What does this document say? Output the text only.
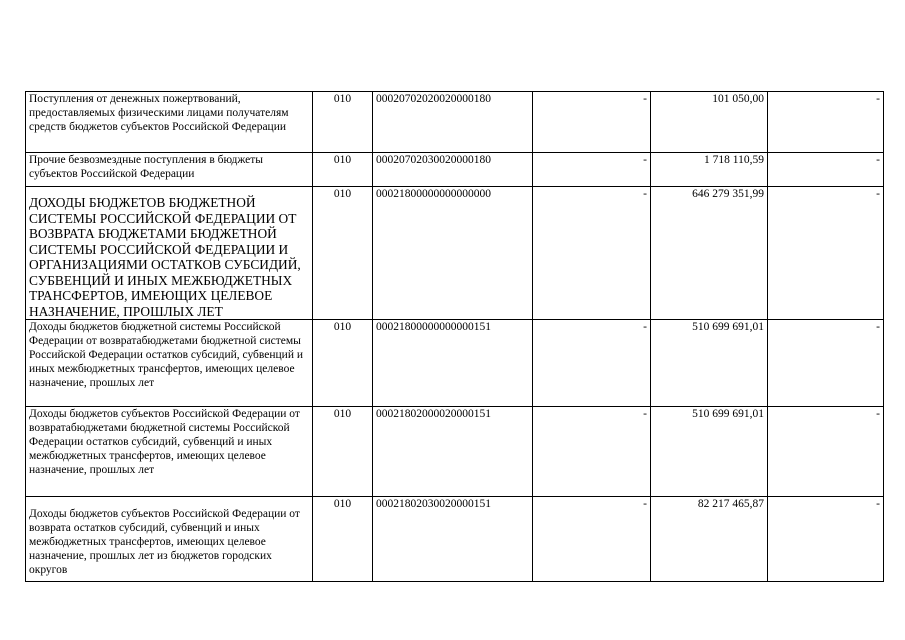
Поступления от денежных пожертвований, предоставляемых физическими лицами получателям средств бюджетов субъектов Российской Федерации	010	00020702020020000180	-	101 050,00	-
Прочие безвозмездные поступления в бюджеты субъектов Российской Федерации	010	00020702030020000180	-	1 718 110,59	-
ДОХОДЫ БЮДЖЕТОВ БЮДЖЕТНОЙ СИСТЕМЫ РОССИЙСКОЙ ФЕДЕРАЦИИ ОТ ВОЗВРАТА БЮДЖЕТАМИ БЮДЖЕТНОЙ СИСТЕМЫ РОССИЙСКОЙ ФЕДЕРАЦИИ И ОРГАНИЗАЦИЯМИ ОСТАТКОВ СУБСИДИЙ, СУБВЕНЦИЙ И ИНЫХ МЕЖБЮДЖЕТНЫХ ТРАНСФЕРТОВ, ИМЕЮЩИХ ЦЕЛЕВОЕ НАЗНАЧЕНИЕ, ПРОШЛЫХ ЛЕТ	010	00021800000000000000	-	646 279 351,99	-
Доходы бюджетов бюджетной системы Российской Федерации от возвратабюджетами бюджетной системы Российской Федерации остатков субсидий, субвенций и иных межбюджетных трансфертов, имеющих целевое назначение, прошлых лет	010	00021800000000000151	-	510 699 691,01	-
Доходы бюджетов субъектов Российской Федерации от возвратабюджетами бюджетной системы Российской Федерации остатков субсидий, субвенций и иных межбюджетных трансфертов, имеющих целевое назначение, прошлых лет	010	00021802000020000151	-	510 699 691,01	-
Доходы бюджетов субъектов Российской Федерации от возврата остатков субсидий, субвенций и иных межбюджетных трансфертов, имеющих целевое назначение, прошлых лет из бюджетов городских округов	010	00021802030020000151	-	82 217 465,87	-
